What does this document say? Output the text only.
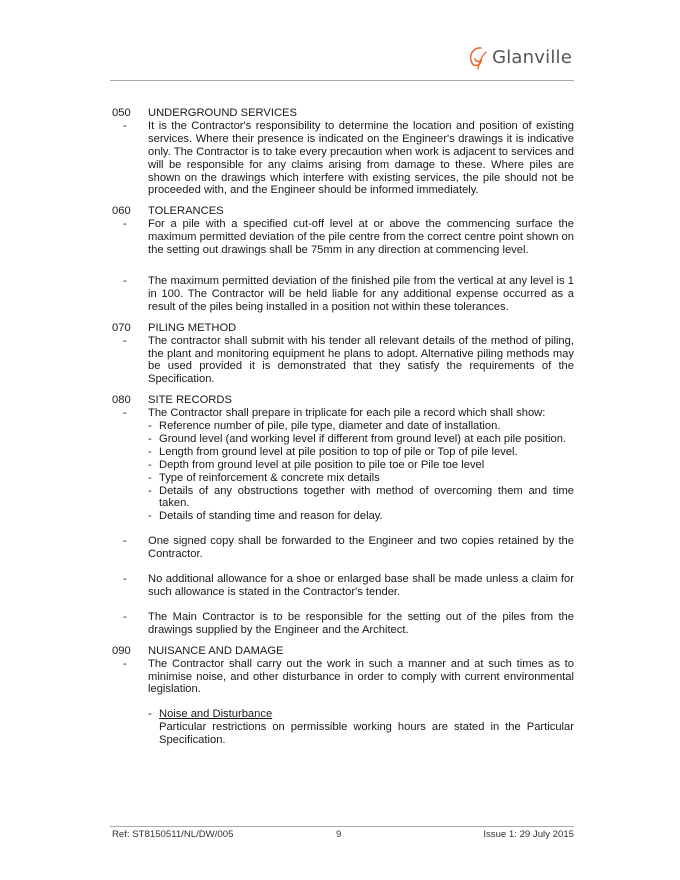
Glanville
050	UNDERGROUND SERVICES
-	It is the Contractor's responsibility to determine the location and position of existing services. Where their presence is indicated on the Engineer's drawings it is indicative only. The Contractor is to take every precaution when work is adjacent to services and will be responsible for any claims arising from damage to these. Where piles are shown on the drawings which interfere with existing services, the pile should not be proceeded with, and the Engineer should be informed immediately.
060	TOLERANCES
-	For a pile with a specified cut-off level at or above the commencing surface the maximum permitted deviation of the pile centre from the correct centre point shown on the setting out drawings shall be 75mm in any direction at commencing level.
-	The maximum permitted deviation of the finished pile from the vertical at any level is 1 in 100. The Contractor will be held liable for any additional expense occurred as a result of the piles being installed in a position not within these tolerances.
070	PILING METHOD
-	The contractor shall submit with his tender all relevant details of the method of piling, the plant and monitoring equipment he plans to adopt. Alternative piling methods may be used provided it is demonstrated that they satisfy the requirements of the Specification.
080	SITE RECORDS
-	The Contractor shall prepare in triplicate for each pile a record which shall show:
- Reference number of pile, pile type, diameter and date of installation.
- Ground level (and working level if different from ground level) at each pile position.
- Length from ground level at pile position to top of pile or Top of pile level.
- Depth from ground level at pile position to pile toe or Pile toe level
- Type of reinforcement & concrete mix details
- Details of any obstructions together with method of overcoming them and time taken.
- Details of standing time and reason for delay.
-	One signed copy shall be forwarded to the Engineer and two copies retained by the Contractor.
-	No additional allowance for a shoe or enlarged base shall be made unless a claim for such allowance is stated in the Contractor's tender.
-	The Main Contractor is to be responsible for the setting out of the piles from the drawings supplied by the Engineer and the Architect.
090	NUISANCE AND DAMAGE
-	The Contractor shall carry out the work in such a manner and at such times as to minimise noise, and other disturbance in order to comply with current environmental legislation.
- Noise and Disturbance
Particular restrictions on permissible working hours are stated in the Particular Specification.
Ref: ST8150511/NL/DW/005	9	Issue 1: 29 July 2015
